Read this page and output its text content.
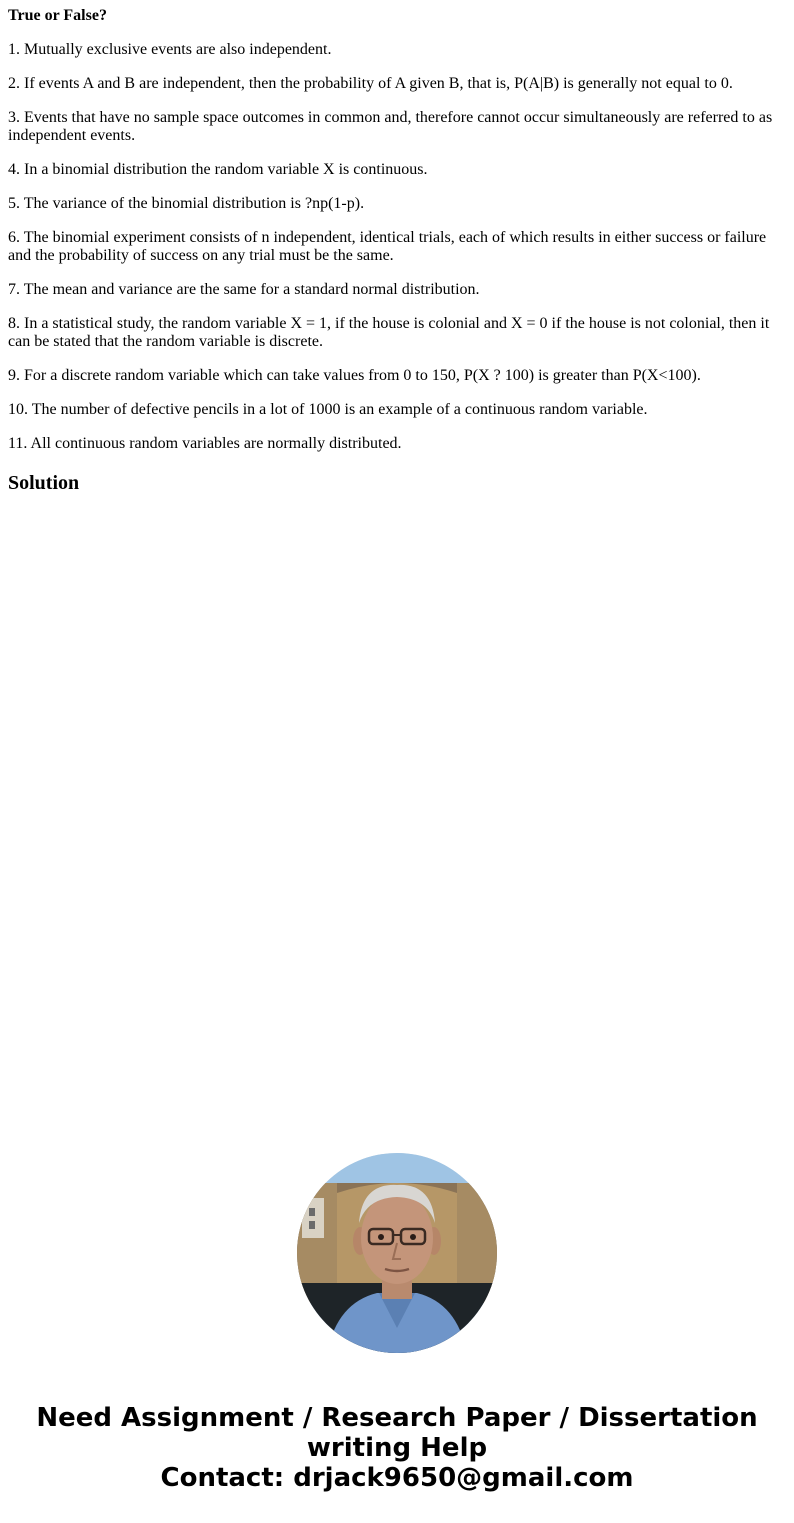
True or False?
1. Mutually exclusive events are also independent.
2. If events A and B are independent, then the probability of A given B, that is, P(A|B) is generally not equal to 0.
3. Events that have no sample space outcomes in common and, therefore cannot occur simultaneously are referred to as independent events.
4. In a binomial distribution the random variable X is continuous.
5. The variance of the binomial distribution is ?np(1-p).
6. The binomial experiment consists of n independent, identical trials, each of which results in either success or failure and the probability of success on any trial must be the same.
7. The mean and variance are the same for a standard normal distribution.
8. In a statistical study, the random variable X = 1, if the house is colonial and X = 0 if the house is not colonial, then it can be stated that the random variable is discrete.
9. For a discrete random variable which can take values from 0 to 150, P(X ? 100) is greater than P(X<100).
10. The number of defective pencils in a lot of 1000 is an example of a continuous random variable.
11. All continuous random variables are normally distributed.
Solution
Need Assignment / Research Paper / Dissertation
writing Help
Contact: drjack9650@gmail.com
